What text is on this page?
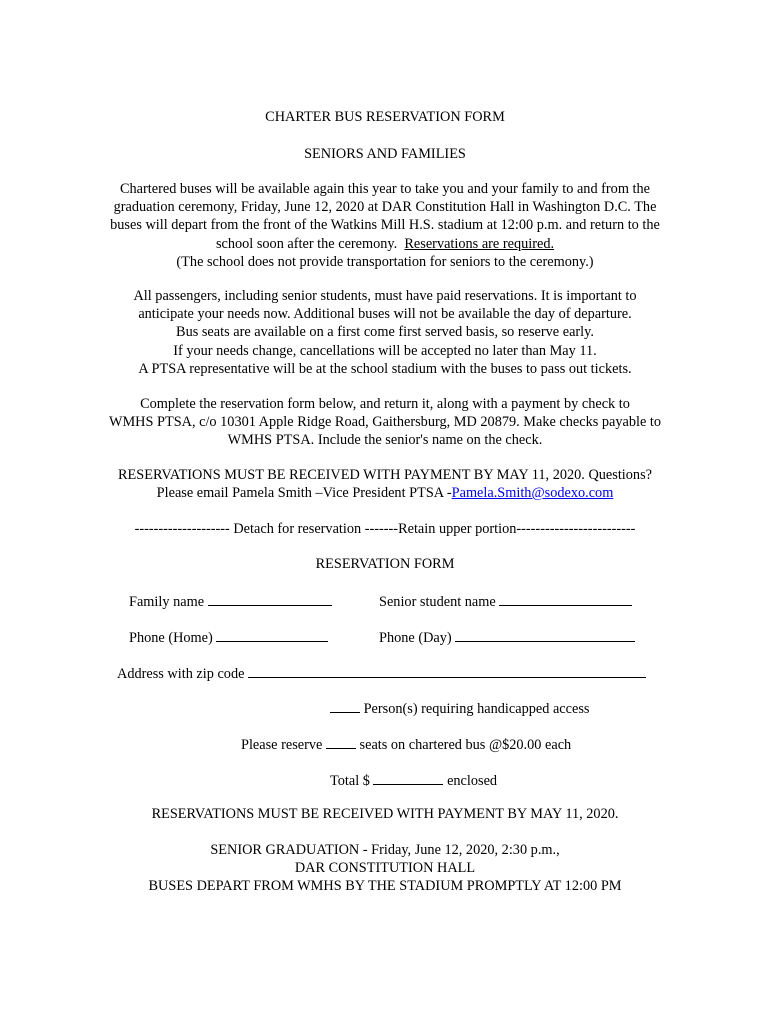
CHARTER BUS RESERVATION FORM

SENIORS AND FAMILIES

Chartered buses will be available again this year to take you and your family to and from the
graduation ceremony, Friday, June 12, 2020 at DAR Constitution Hall in Washington D.C. The
buses will depart from the front of the Watkins Mill H.S. stadium at 12:00 p.m. and return to the
school soon after the ceremony.  Reservations are required.
(The school does not provide transportation for seniors to the ceremony.)

All passengers, including senior students, must have paid reservations. It is important to
anticipate your needs now. Additional buses will not be available the day of departure.
Bus seats are available on a first come first served basis, so reserve early.
If your needs change, cancellations will be accepted no later than May 11.
A PTSA representative will be at the school stadium with the buses to pass out tickets.

Complete the reservation form below, and return it, along with a payment by check to
WMHS PTSA, c/o 10301 Apple Ridge Road, Gaithersburg, MD 20879. Make checks payable to
WMHS PTSA. Include the senior's name on the check.

RESERVATIONS MUST BE RECEIVED WITH PAYMENT BY MAY 11, 2020. Questions?
Please email Pamela Smith –Vice President PTSA -Pamela.Smith@sodexo.com

-------------------- Detach for reservation -------Retain upper portion-------------------------

RESERVATION FORM

Family name	Senior student name

Phone (Home)	Phone (Day)

Address with zip code

Person(s) requiring handicapped access

Please reserve	seats on chartered bus @$20.00 each

Total $	enclosed

RESERVATIONS MUST BE RECEIVED WITH PAYMENT BY MAY 11, 2020.

SENIOR GRADUATION - Friday, June 12, 2020, 2:30 p.m.,
DAR CONSTITUTION HALL
BUSES DEPART FROM WMHS BY THE STADIUM PROMPTLY AT 12:00 PM
